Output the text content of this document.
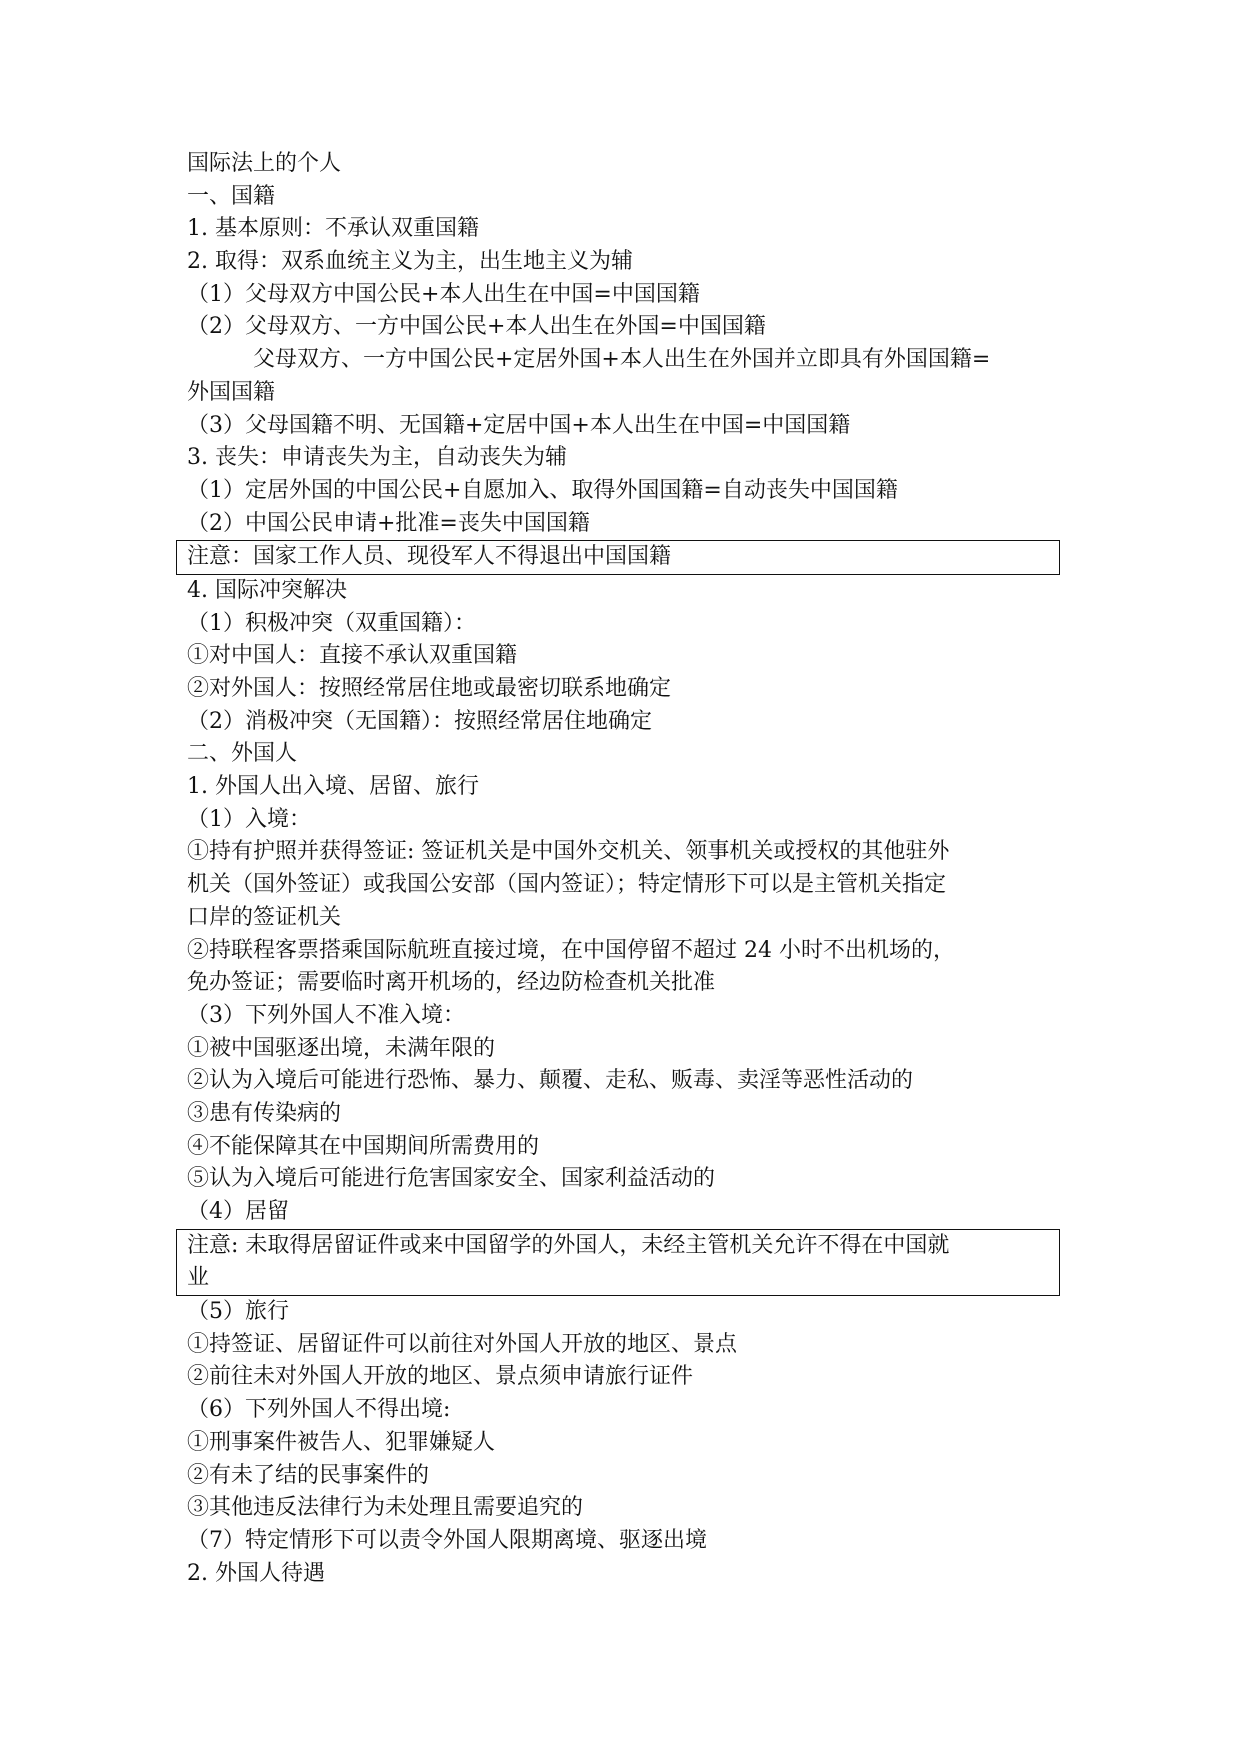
国际法上的个人
一、国籍
1. 基本原则：不承认双重国籍
2. 取得：双系血统主义为主，出生地主义为辅
（1）父母双方中国公民+本人出生在中国=中国国籍
（2）父母双方、一方中国公民+本人出生在外国=中国国籍
父母双方、一方中国公民+定居外国+本人出生在外国并立即具有外国国籍=
外国国籍
（3）父母国籍不明、无国籍+定居中国+本人出生在中国=中国国籍
3. 丧失：申请丧失为主，自动丧失为辅
（1）定居外国的中国公民+自愿加入、取得外国国籍=自动丧失中国国籍
（2）中国公民申请+批准=丧失中国国籍
注意：国家工作人员、现役军人不得退出中国国籍
4. 国际冲突解决
（1）积极冲突（双重国籍）：
①对中国人：直接不承认双重国籍
②对外国人：按照经常居住地或最密切联系地确定
（2）消极冲突（无国籍）：按照经常居住地确定
二、外国人
1. 外国人出入境、居留、旅行
（1）入境：
①持有护照并获得签证: 签证机关是中国外交机关、领事机关或授权的其他驻外
机关（国外签证）或我国公安部（国内签证）；特定情形下可以是主管机关指定
口岸的签证机关
②持联程客票搭乘国际航班直接过境，在中国停留不超过 24 小时不出机场的，
免办签证；需要临时离开机场的，经边防检查机关批准
（3）下列外国人不准入境：
①被中国驱逐出境，未满年限的
②认为入境后可能进行恐怖、暴力、颠覆、走私、贩毒、卖淫等恶性活动的
③患有传染病的
④不能保障其在中国期间所需费用的
⑤认为入境后可能进行危害国家安全、国家利益活动的
（4）居留
注意: 未取得居留证件或来中国留学的外国人，未经主管机关允许不得在中国就
业
（5）旅行
①持签证、居留证件可以前往对外国人开放的地区、景点
②前往未对外国人开放的地区、景点须申请旅行证件
（6）下列外国人不得出境:
①刑事案件被告人、犯罪嫌疑人
②有未了结的民事案件的
③其他违反法律行为未处理且需要追究的
（7）特定情形下可以责令外国人限期离境、驱逐出境
2. 外国人待遇
